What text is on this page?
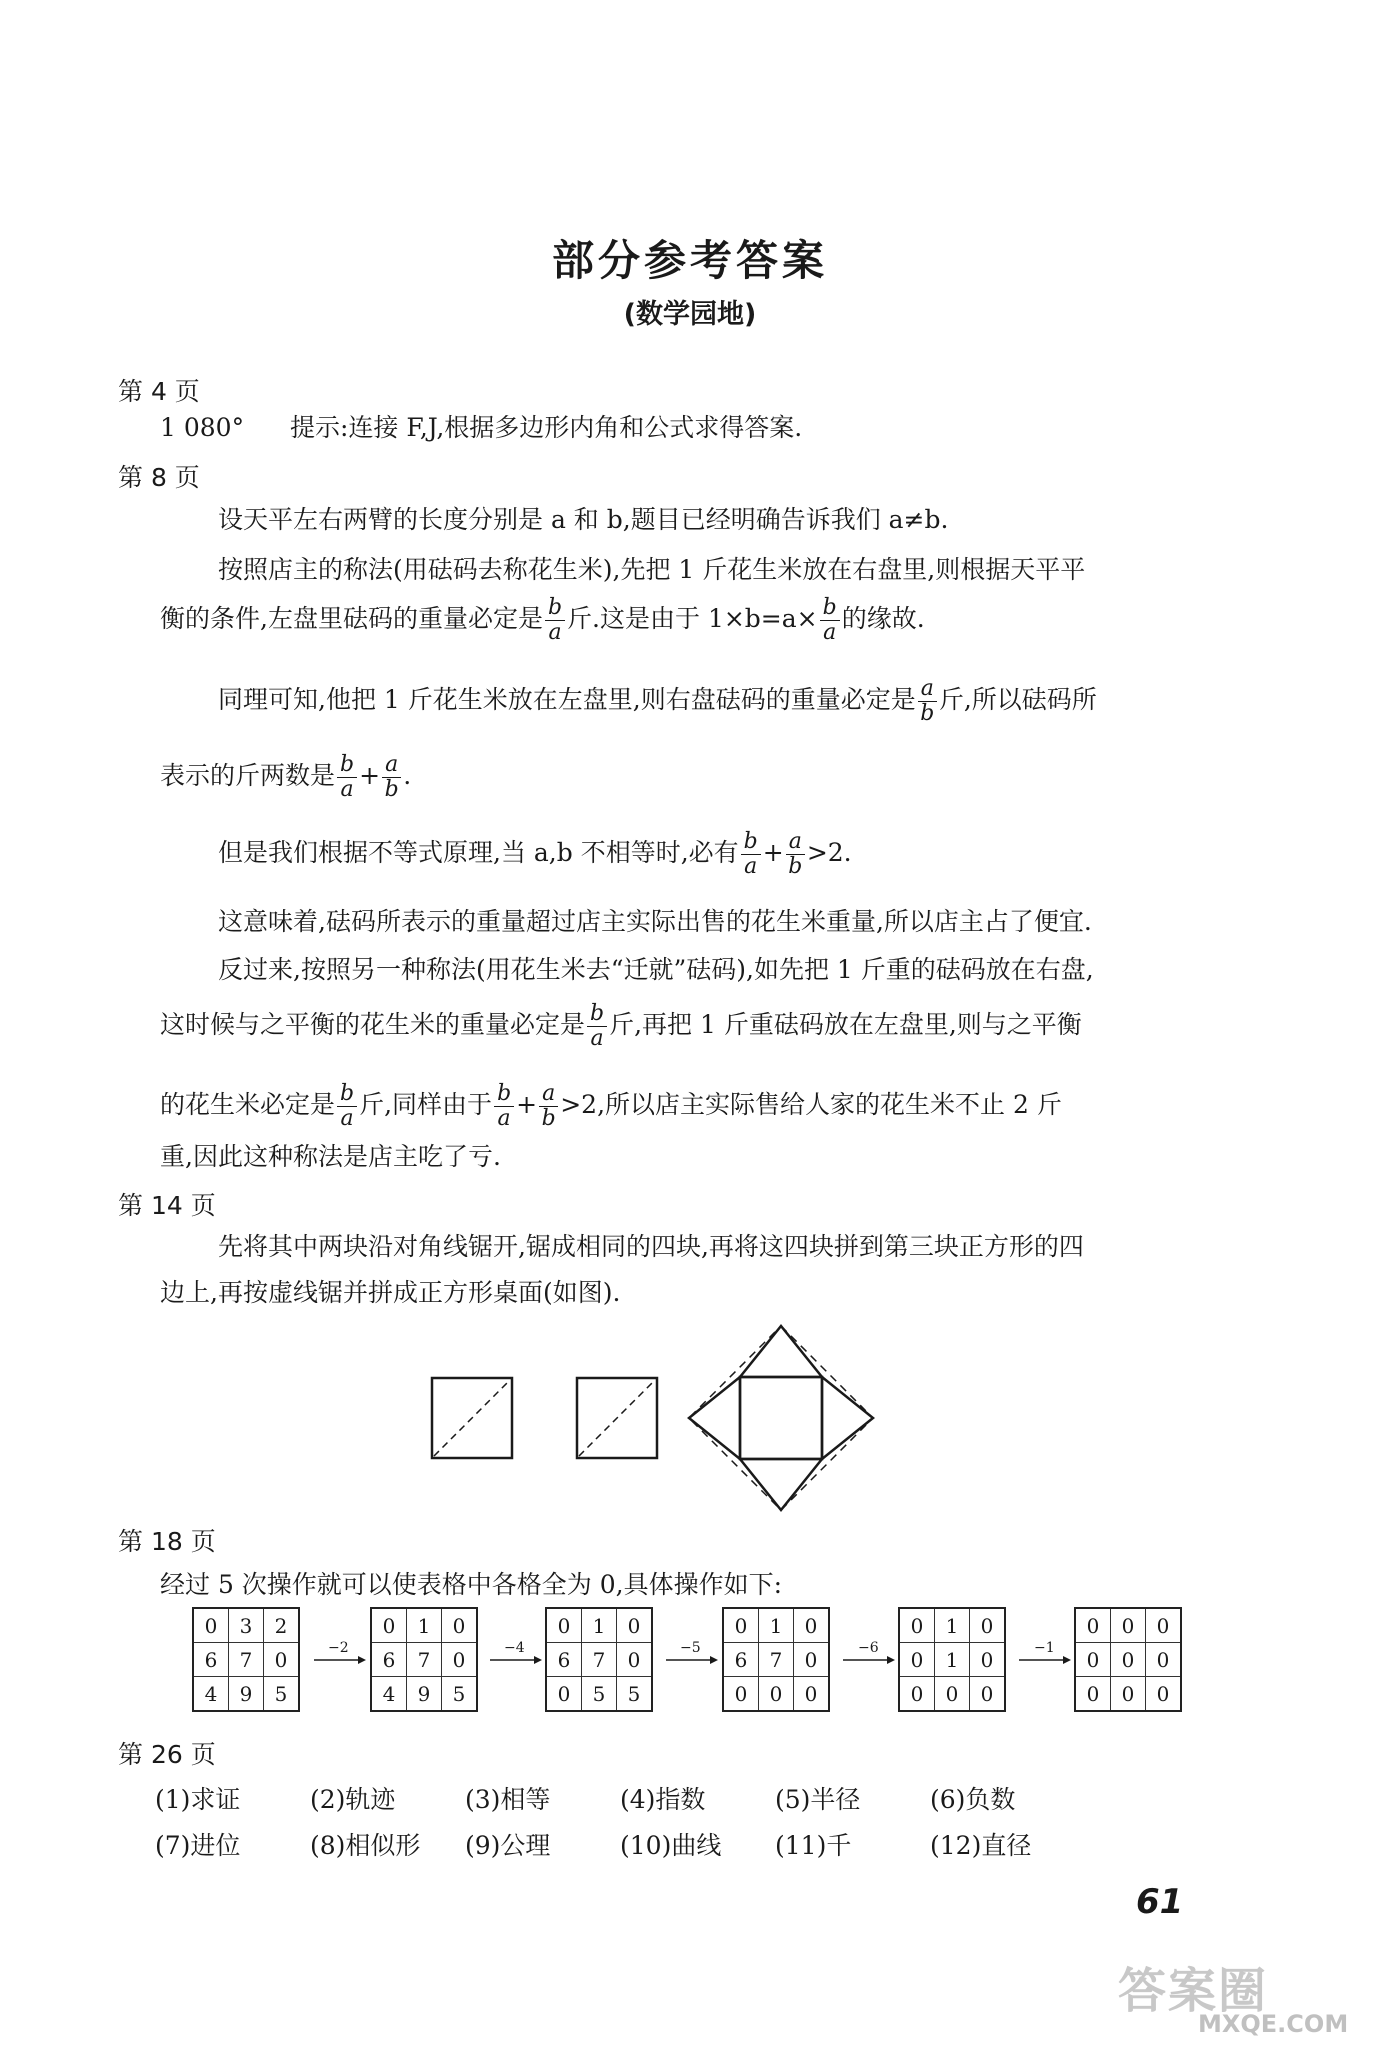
部分参考答案
(数学园地)
第 4 页
1 080° 提示:连接 F,J,根据多边形内角和公式求得答案.
第 8 页
设天平左右两臂的长度分别是 a 和 b,题目已经明确告诉我们 a≠b.
按照店主的称法(用砝码去称花生米),先把 1 斤花生米放在右盘里,则根据天平平
衡的条件,左盘里砝码的重量必定是 $\frac{b}{a}$ 斤.这是由于 $1\times b=a\times \frac{b}{a}$ 的缘故.
同理可知,他把 1 斤花生米放在左盘里,则右盘砝码的重量必定是 $\frac{a}{b}$ 斤,所以砝码所
表示的斤两数是 $\frac{b}{a} + \frac{a}{b}$ .
但是我们根据不等式原理,当 a,b 不相等时,必有 $\frac{b}{a} + \frac{a}{b} >2$.
这意味着,砝码所表示的重量超过店主实际出售的花生米重量,所以店主占了便宜.
反过来,按照另一种称法(用花生米去“迁就”砝码),如先把 1 斤重的砝码放在右盘,
这时候与之平衡的花生米的重量必定是 $\frac{b}{a}$ 斤,再把 1 斤重砝码放在左盘里,则与之平衡
的花生米必定是 $\frac{b}{a}$ 斤,同样由于 $\frac{b}{a} + \frac{a}{b} >2$,所以店主实际售给人家的花生米不止 2 斤
重,因此这种称法是店主吃了亏.
第 14 页
先将其中两块沿对角线锯开,锯成相同的四块,再将这四块拼到第三块正方形的四
边上,再按虚线锯并拼成正方形桌面(如图).
第 18 页
经过 5 次操作就可以使表格中各格全为 0,具体操作如下:
0	3	2
6	7	0
4	9	5
−2
0	1	0
6	7	0
4	9	5
−4
0	1	0
6	7	0
0	5	5
−5
0	1	0
6	7	0
0	0	0
−6
0	1	0
0	1	0
0	0	0
−1
0	0	0
0	0	0
0	0	0
第 26 页
(1)求证	(2)轨迹	(3)相等	(4)指数	(5)半径	(6)负数
(7)进位	(8)相似形 (9)公理	(10)曲线 (11)千	(12)直径
61
答案圈
MXQE.COM
